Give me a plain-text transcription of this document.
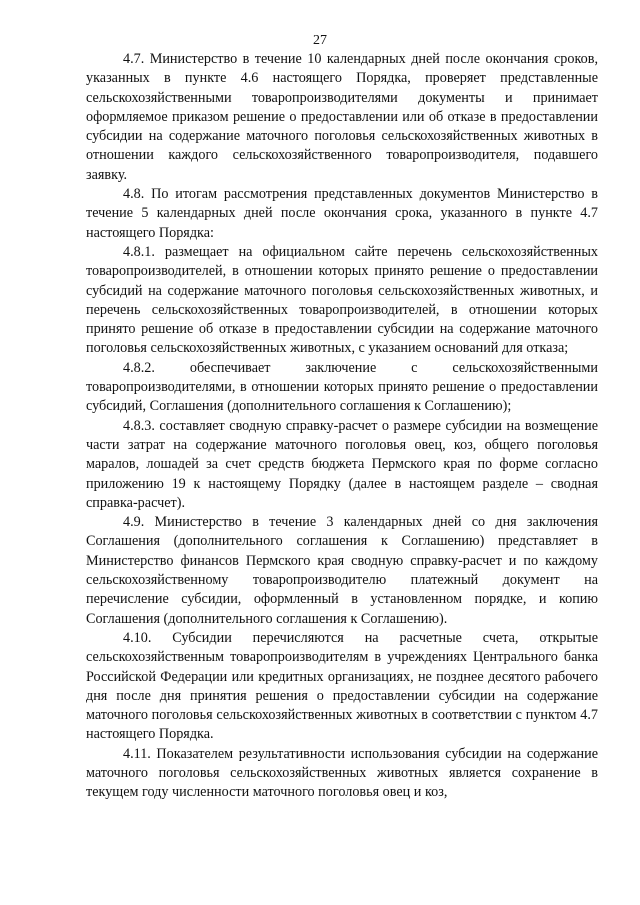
27

4.7. Министерство в течение 10 календарных дней после окончания сроков, указанных в пункте 4.6 настоящего Порядка, проверяет представленные сельскохозяйственными товаропроизводителями документы и принимает оформляемое приказом решение о предоставлении или об отказе в предоставлении субсидии на содержание маточного поголовья сельскохозяйственных животных в отношении каждого сельскохозяйственного товаропроизводителя, подавшего заявку.

4.8. По итогам рассмотрения представленных документов Министерство в течение 5 календарных дней после окончания срока, указанного в пункте 4.7 настоящего Порядка:

4.8.1. размещает на официальном сайте перечень сельскохозяйственных товаропроизводителей, в отношении которых принято решение о предоставлении субсидий на содержание маточного поголовья сельскохозяйственных животных, и перечень сельскохозяйственных товаропроизводителей, в отношении которых принято решение об отказе в предоставлении субсидии на содержание маточного поголовья сельскохозяйственных животных, с указанием оснований для отказа;

4.8.2. обеспечивает заключение с сельскохозяйственными товаропроизводителями, в отношении которых принято решение о предоставлении субсидий, Соглашения (дополнительного соглашения к Соглашению);

4.8.3. составляет сводную справку-расчет о размере субсидии на возмещение части затрат на содержание маточного поголовья овец, коз, общего поголовья маралов, лошадей за счет средств бюджета Пермского края по форме согласно приложению 19 к настоящему Порядку (далее в настоящем разделе – сводная справка-расчет).

4.9. Министерство в течение 3 календарных дней со дня заключения Соглашения (дополнительного соглашения к Соглашению) представляет в Министерство финансов Пермского края сводную справку-расчет и по каждому сельскохозяйственному товаропроизводителю платежный документ на перечисление субсидии, оформленный в установленном порядке, и копию Соглашения (дополнительного соглашения к Соглашению).

4.10. Субсидии перечисляются на расчетные счета, открытые сельскохозяйственным товаропроизводителям в учреждениях Центрального банка Российской Федерации или кредитных организациях, не позднее десятого рабочего дня после дня принятия решения о предоставлении субсидии на содержание маточного поголовья сельскохозяйственных животных в соответствии с пунктом 4.7 настоящего Порядка.

4.11. Показателем результативности использования субсидии на содержание маточного поголовья сельскохозяйственных животных является сохранение в текущем году численности маточного поголовья овец и коз,
